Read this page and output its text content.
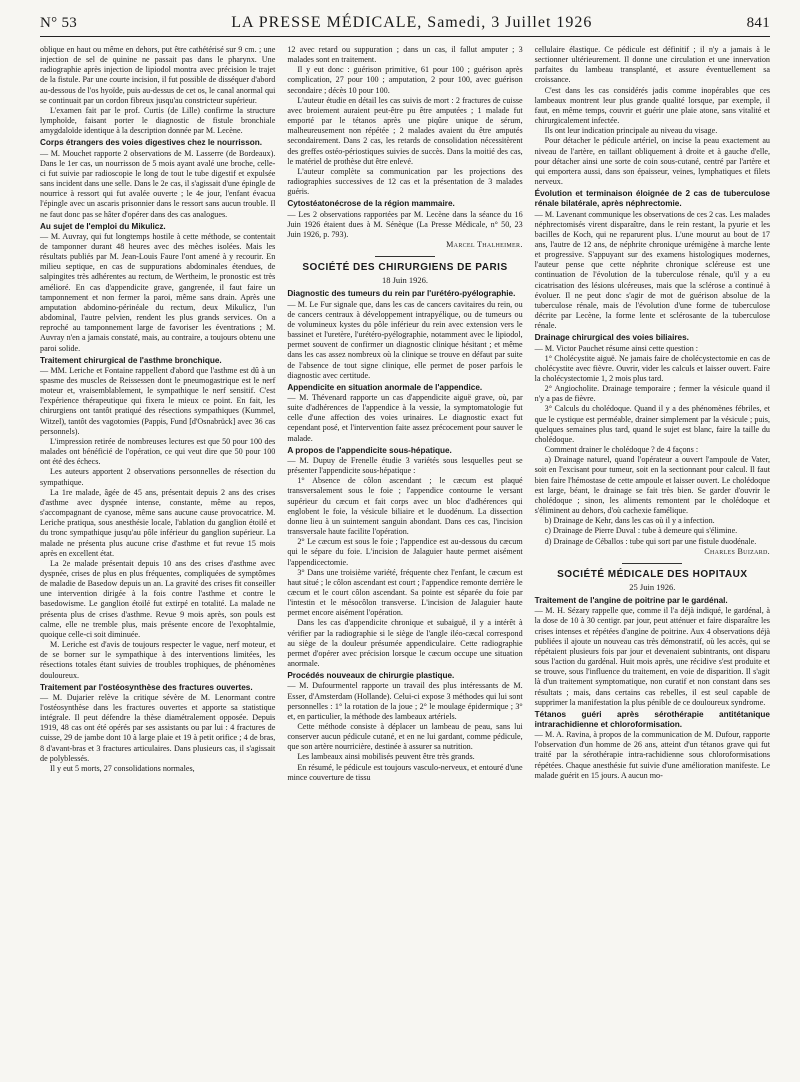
N° 53	LA PRESSE MÉDICALE, Samedi, 3 Juillet 1926	841

oblique en haut ou même en dehors, put être cathétérisé sur 9 cm. ; une injection de sel de quinine ne passait pas dans le pharynx. Une radiographie après injection de lipiodol montra avec précision le trajet de la fistule. Par une courte incision, il fut possible de disséquer d'abord au-dessous de l'os hyoïde, puis au-dessus de cet os, le canal anormal qui se continuait par un cordon fibreux jusqu'au constricteur supérieur.

L'examen fait par le prof. Curtis (de Lille) confirme la structure lymphoïde, faisant porter le diagnostic de fistule bronchiale amygdaloïde identique à la description donnée par M. Lecène.

Corps étrangers des voies digestives chez le nourrisson.

— M. Mouchet rapporte 2 observations de M. Lasserre (de Bordeaux). Dans le 1er cas, un nourrisson de 5 mois ayant avalé une broche, celle-ci fut suivie par radioscopie le long de tout le tube digestif et expulsée sans incident dans une selle. Dans le 2e cas, il s'agissait d'une épingle de nourrice à ressort qui fut avalée ouverte ; le 4e jour, l'enfant évacua l'épingle avec un ascaris prisonnier dans le ressort sans aucun trouble. Il ne faut donc pas se hâter d'opérer dans des cas analogues.

Au sujet de l'emploi du Mikulicz.

— M. Auvray, qui fut longtemps hostile à cette méthode, se contentait de tamponner durant 48 heures avec des mèches isolées. Mais les résultats publiés par M. Jean-Louis Faure l'ont amené à y recourir. En milieu septique, en cas de suppurations abdominales étendues, de salpingites très adhérentes au rectum, de Wertheim, le pronostic est très amélioré. En cas d'appendicite grave, gangrenée, il faut faire un tamponnement et non fermer la paroi, même sans drain. Après une amputation abdomino-périnéale du rectum, deux Mikulicz, l'un abdominal, l'autre pelvien, rendent les plus grands services. On a reproché au tamponnement large de favoriser les éventrations ; M. Auvray n'en a jamais constaté, mais, au contraire, a toujours obtenu une paroi solide.

Traitement chirurgical de l'asthme bronchique.

— MM. Leriche et Fontaine rappellent d'abord que l'asthme est dû à un spasme des muscles de Reissessen dont le pneumogastrique est le nerf moteur et, vraisemblablement, le sympathique le nerf sensitif. C'est l'expérience thérapeutique qui fixera le mieux ce point. En fait, les chirurgiens ont tantôt pratiqué des résections sympathiques (Kummel, Witzel), tantôt des vagotomies (Pappis, Fund [d'Osnabrück] avec 36 cas personnels).

L'impression retirée de nombreuses lectures est que 50 pour 100 des malades ont bénéficié de l'opération, ce qui veut dire que 50 pour 100 ont été des échecs.

Les auteurs apportent 2 observations personnelles de résection du sympathique.

La 1re malade, âgée de 45 ans, présentait depuis 2 ans des crises d'asthme avec dyspnée intense, constante, même au repos, s'accompagnant de cyanose, même sans aucune cause provocatrice. M. Leriche pratiqua, sous anesthésie locale, l'ablation du ganglion étoilé et du tronc sympathique jusqu'au pôle inférieur du ganglion supérieur. La malade ne présenta plus aucune crise d'asthme et fut revue 15 mois après en excellent état.

La 2e malade présentait depuis 10 ans des crises d'asthme avec dyspnée, crises de plus en plus fréquentes, compliquées de symptômes de maladie de Basedow depuis un an. La gravité des crises fit conseiller une intervention dirigée à la fois contre l'asthme et contre le basedowisme. Le ganglion étoilé fut extirpé en totalité. La malade ne présenta plus de crises d'asthme. Revue 9 mois après, son pouls est calme, elle ne tremble plus, mais présente encore de l'exophtalmie, quoique celle-ci soit diminuée.

M. Leriche est d'avis de toujours respecter le vague, nerf moteur, et de se borner sur le sympathique à des interventions limitées, les résections totales étant suivies de troubles trophiques, de phénomènes douloureux.

Traitement par l'ostéosynthèse des fractures ouvertes.

— M. Dujarier relève la critique sévère de M. Lenormant contre l'ostéosynthèse dans les fractures ouvertes et apporte sa statistique intégrale. Il peut défendre la thèse diamétralement opposée. Depuis 1919, 48 cas ont été opérés par ses assistants ou par lui : 4 fractures de cuisse, 29 de jambe dont 10 à large plaie et 19 à petit orifice ; 4 de bras, 8 d'avant-bras et 3 fractures articulaires. Dans plusieurs cas, il s'agissait de polyblessés.

Il y eut 5 morts, 27 consolidations normales,

12 avec retard ou suppuration ; dans un cas, il fallut amputer ; 3 malades sont en traitement.

Il y eut donc : guérison primitive, 61 pour 100 ; guérison après complication, 27 pour 100 ; amputation, 2 pour 100, avec guérison secondaire ; décès 10 pour 100.

L'auteur étudie en détail les cas suivis de mort : 2 fractures de cuisse avec broiement auraient peut-être pu être amputées ; 1 malade fut emporté par le tétanos après une piqûre unique de sérum, malheureusement non répétée ; 2 malades avaient du être amputés secondairement. Dans 2 cas, les retards de consolidation nécessitèrent des greffes ostéo-périostiques suivies de succès. Dans la moitié des cas, le matériel de prothèse dut être enlevé.

L'auteur complète sa communication par les projections des radiographies successives de 12 cas et la présentation de 3 malades guéris.

Cytostéatonécrose de la région mammaire.

— Les 2 observations rapportées par M. Lecène dans la séance du 16 Juin 1926 étaient dues à M. Sénèque (La Presse Médicale, n° 50, 23 Juin 1926, p. 793).

Marcel Thalheimer.

SOCIÉTÉ DES CHIRURGIENS DE PARIS
18 Juin 1926.

Diagnostic des tumeurs du rein par l'urétéro-pyélographie.

— M. Le Fur signale que, dans les cas de cancers cavitaires du rein, ou de cancers centraux à développement intrapyélique, ou de tumeurs ou de volumineux kystes du pôle inférieur du rein avec extension vers le bassinet et l'uretère, l'urétéro-pyélographie, notamment avec le lipiodol, permet souvent de confirmer un diagnostic clinique hésitant ; et même dans les cas assez nombreux où la clinique se trouve en défaut par suite de l'absence de tout signe clinique, elle permet de poser parfois le diagnostic avec certitude.

Appendicite en situation anormale de l'appendice.

— M. Thévenard rapporte un cas d'appendicite aiguë grave, où, par suite d'adhérences de l'appendice à la vessie, la symptomatologie fut celle d'une affection des voies urinaires. Le diagnostic exact fut cependant posé, et l'intervention faite assez précocement pour sauver le malade.

A propos de l'appendicite sous-hépatique.

— M. Dupuy de Frenelle étudie 3 variétés sous lesquelles peut se présenter l'appendicite sous-hépatique :

1° Absence de côlon ascendant ; le cæcum est plaqué transversalement sous le foie ; l'appendice contourne le versant supérieur du cæcum et fait corps avec un bloc d'adhérences qui englobent le foie, la vésicule biliaire et le duodénum. La dissection donne lieu à un suintement sanguin abondant. Dans ces cas, l'incision transversale haute facilite l'opération.

2° Le cæcum est sous le foie ; l'appendice est au-dessous du cæcum qui le sépare du foie. L'incision de Jalaguier haute permet aisément l'appendicectomie.

3° Dans une troisième variété, fréquente chez l'enfant, le cæcum est haut situé ; le côlon ascendant est court ; l'appendice remonte derrière le cæcum et le court côlon ascendant. Sa pointe est séparée du foie par l'intestin et le mésocôlon transverse. L'incision de Jalaguier haute permet encore aisément l'opération.

Dans les cas d'appendicite chronique et subaiguë, il y a intérêt à vérifier par la radiographie si le siège de l'angle iléo-cæcal correspond au siège de la douleur présumée appendiculaire. Cette radiographie permet d'opérer avec précision lorsque le cæcum occupe une situation anormale.

Procédés nouveaux de chirurgie plastique.

— M. Dufourmentel rapporte un travail des plus intéressants de M. Esser, d'Amsterdam (Hollande). Celui-ci expose 3 méthodes qui lui sont personnelles : 1° la rotation de la joue ; 2° le moulage épidermique ; 3° et, en particulier, la méthode des lambeaux artériels.

Cette méthode consiste à déplacer un lambeau de peau, sans lui conserver aucun pédicule cutané, et en ne lui gardant, comme pédicule, que son artère nourricière, destinée à assurer sa nutrition.

Les lambeaux ainsi mobilisés peuvent être très grands.

En résumé, le pédicule est toujours vasculo-nerveux, et entouré d'une mince couverture de tissu

cellulaire élastique. Ce pédicule est définitif ; il n'y a jamais à le sectionner ultérieurement. Il donne une circulation et une innervation parfaites du lambeau transplanté, et assure éventuellement sa croissance.

C'est dans les cas considérés jadis comme inopérables que ces lambeaux montrent leur plus grande qualité lorsque, par exemple, il faut, en même temps, couvrir et guérir une plaie atone, sans vitalité et chirurgicalement infectée.

Ils ont leur indication principale au niveau du visage.

Pour détacher le pédicule artériel, on incise la peau exactement au niveau de l'artère, en taillant obliquement à droite et à gauche d'elle, pour détacher ainsi une sorte de coin sous-cutané, centré par l'artère et qui emportera aussi, dans son épaisseur, veines, lymphatiques et filets nerveux.

Évolution et terminaison éloignée de 2 cas de tuberculose rénale bilatérale, après néphrectomie.

— M. Lavenant communique les observations de ces 2 cas. Les malades néphrectomisés virent disparaître, dans le rein restant, la pyurie et les bacilles de Koch, qui ne reparurent plus. L'une mourut au bout de 17 ans, l'autre de 12 ans, de néphrite chronique urémigène à marche lente et progressive. S'appuyant sur des examens histologiques modernes, l'auteur pense que cette néphrite chronique scléreuse est une continuation de l'évolution de la tuberculose rénale, qu'il y a eu cicatrisation des lésions ulcéreuses, mais que la sclérose a continué à évoluer. Il ne peut donc s'agir de mot de guérison absolue de la tuberculose rénale, mais de l'évolution d'une forme de tuberculose décrite par Lecène, la forme lente et sclérosante de la tuberculose rénale.

Drainage chirurgical des voies biliaires.

— M. Victor Pauchet résume ainsi cette question :

1° Cholécystite aiguë. Ne jamais faire de cholécystectomie en cas de cholécystite avec fièvre. Ouvrir, vider les calculs et laisser ouvert. Faire la cholécystectomie 1, 2 mois plus tard.

2° Angiocholite. Drainage temporaire ; fermer la vésicule quand il n'y a pas de fièvre.

3° Calculs du cholédoque. Quand il y a des phénomènes fébriles, et que le cystique est perméable, drainer simplement par la vésicule ; puis, quelques semaines plus tard, quand le sujet est blanc, faire la taille du cholédoque.

Comment drainer le cholédoque ? de 4 façons :

a) Drainage naturel, quand l'opérateur a ouvert l'ampoule de Vater, soit en l'excisant pour tumeur, soit en la sectionnant pour calcul. Il faut bien faire l'hémostase de cette ampoule et laisser ouvert. Le cholédoque est large, béant, le drainage se fait très bien. Se garder d'ouvrir le cholédoque ; sinon, les aliments remontent par le cholédoque et s'éliminent au dehors, d'où cachexie famélique.

b) Drainage de Kehr, dans les cas où il y a infection.

c) Drainage de Pierre Duval : tube à demeure qui s'élimine.

d) Drainage de Céballos : tube qui sort par une fistule duodénale.

Charles Buizard.

SOCIÉTÉ MÉDICALE DES HOPITAUX
25 Juin 1926.

Traitement de l'angine de poitrine par le gardénal.

— M. H. Sézary rappelle que, comme il l'a déjà indiqué, le gardénal, à la dose de 10 à 30 centigr. par jour, peut atténuer et faire disparaître les crises intenses et répétées d'angine de poitrine. Aux 4 observations déjà publiées il ajoute un nouveau cas très démonstratif, où les accès, qui se répétaient plusieurs fois par jour et devenaient subintrants, ont disparu sous l'action du gardénal. Huit mois après, une récidive s'est produite et se trouve, sous l'influence du traitement, en voie de disparition. Il s'agit là d'un traitement symptomatique, non curatif et non constant dans ses résultats ; mais, dans certains cas rebelles, il est seul capable de supprimer la manifestation la plus pénible de ce douloureux syndrome.

Tétanos guéri après sérothérapie antitétanique intrarachidienne et chloroformisation.

— M. A. Ravina, à propos de la communication de M. Dufour, rapporte l'observation d'un homme de 26 ans, atteint d'un tétanos grave qui fut traité par la sérothérapie intra-rachidienne sous chloroformisations répétées. Chaque anesthésie fut suivie d'une amélioration manifeste. Le malade guérit en 15 jours. A aucun mo-
